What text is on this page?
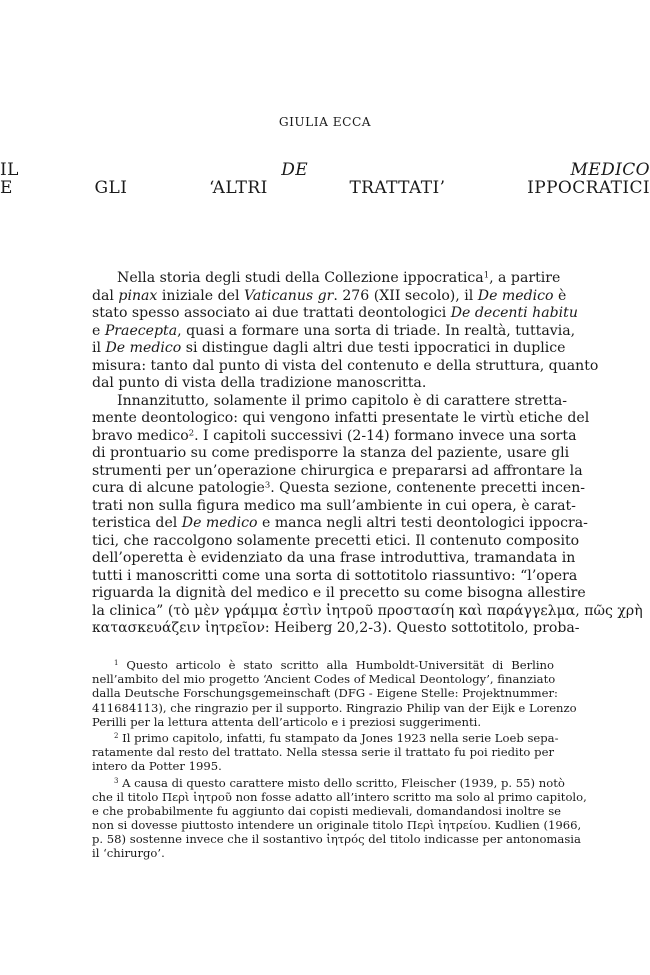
GIULIA ECCA
IL DE MEDICO
E GLI ‘ALTRI TRATTATI’ IPPOCRATICI
Nella storia degli studi della Collezione ippocratica$^1$, a partire
dal pinax iniziale del Vaticanus gr. 276 (XII secolo), il De medico è
stato spesso associato ai due trattati deontologici De decenti habitu
e Praecepta, quasi a formare una sorta di triade. In realtà, tuttavia,
il De medico si distingue dagli altri due testi ippocratici in duplice
misura: tanto dal punto di vista del contenuto e della struttura, quanto
dal punto di vista della tradizione manoscritta.
Innanzitutto, solamente il primo capitolo è di carattere stretta-
mente deontologico: qui vengono infatti presentate le virtù etiche del
bravo medico$^2$. I capitoli successivi (2-14) formano invece una sorta
di prontuario su come predisporre la stanza del paziente, usare gli
strumenti per un’operazione chirurgica e prepararsi ad affrontare la
cura di alcune patologie$^3$. Questa sezione, contenente precetti incen-
trati non sulla figura medico ma sull’ambiente in cui opera, è carat-
teristica del De medico e manca negli altri testi deontologici ippocra-
tici, che raccolgono solamente precetti etici. Il contenuto composito
dell’operetta è evidenziato da una frase introduttiva, tramandata in
tutti i manoscritti come una sorta di sottotitolo riassuntivo: “l’opera
riguarda la dignità del medico e il precetto su come bisogna allestire
la clinica” (τὸ μὲν γράμμα ἐστὶν ἰητροῦ προστασίη καὶ παράγγελμα, πῶς χρὴ
κατασκευάζειν ἰητρεῖον: Heiberg 20,2-3). Questo sottotitolo, proba-
$^1$ Questo articolo è stato scritto alla Humboldt-Universität di Berlino
nell’ambito del mio progetto ‘Ancient Codes of Medical Deontology’, finanziato
dalla Deutsche Forschungsgemeinschaft (DFG - Eigene Stelle: Projektnummer:
411684113), che ringrazio per il supporto. Ringrazio Philip van der Eijk e Lorenzo
Perilli per la lettura attenta dell’articolo e i preziosi suggerimenti.
$^2$ Il primo capitolo, infatti, fu stampato da Jones 1923 nella serie Loeb sepa-
ratamente dal resto del trattato. Nella stessa serie il trattato fu poi riedito per
intero da Potter 1995.
$^3$ A causa di questo carattere misto dello scritto, Fleischer (1939, p. 55) notò
che il titolo Περὶ ἰητροῦ non fosse adatto all’intero scritto ma solo al primo capitolo,
e che probabilmente fu aggiunto dai copisti medievali, domandandosi inoltre se
non si dovesse piuttosto intendere un originale titolo Περὶ ἰητρείου. Kudlien (1966,
p. 58) sostenne invece che il sostantivo ἰητρός del titolo indicasse per antonomasia
il ‘chirurgo’.
